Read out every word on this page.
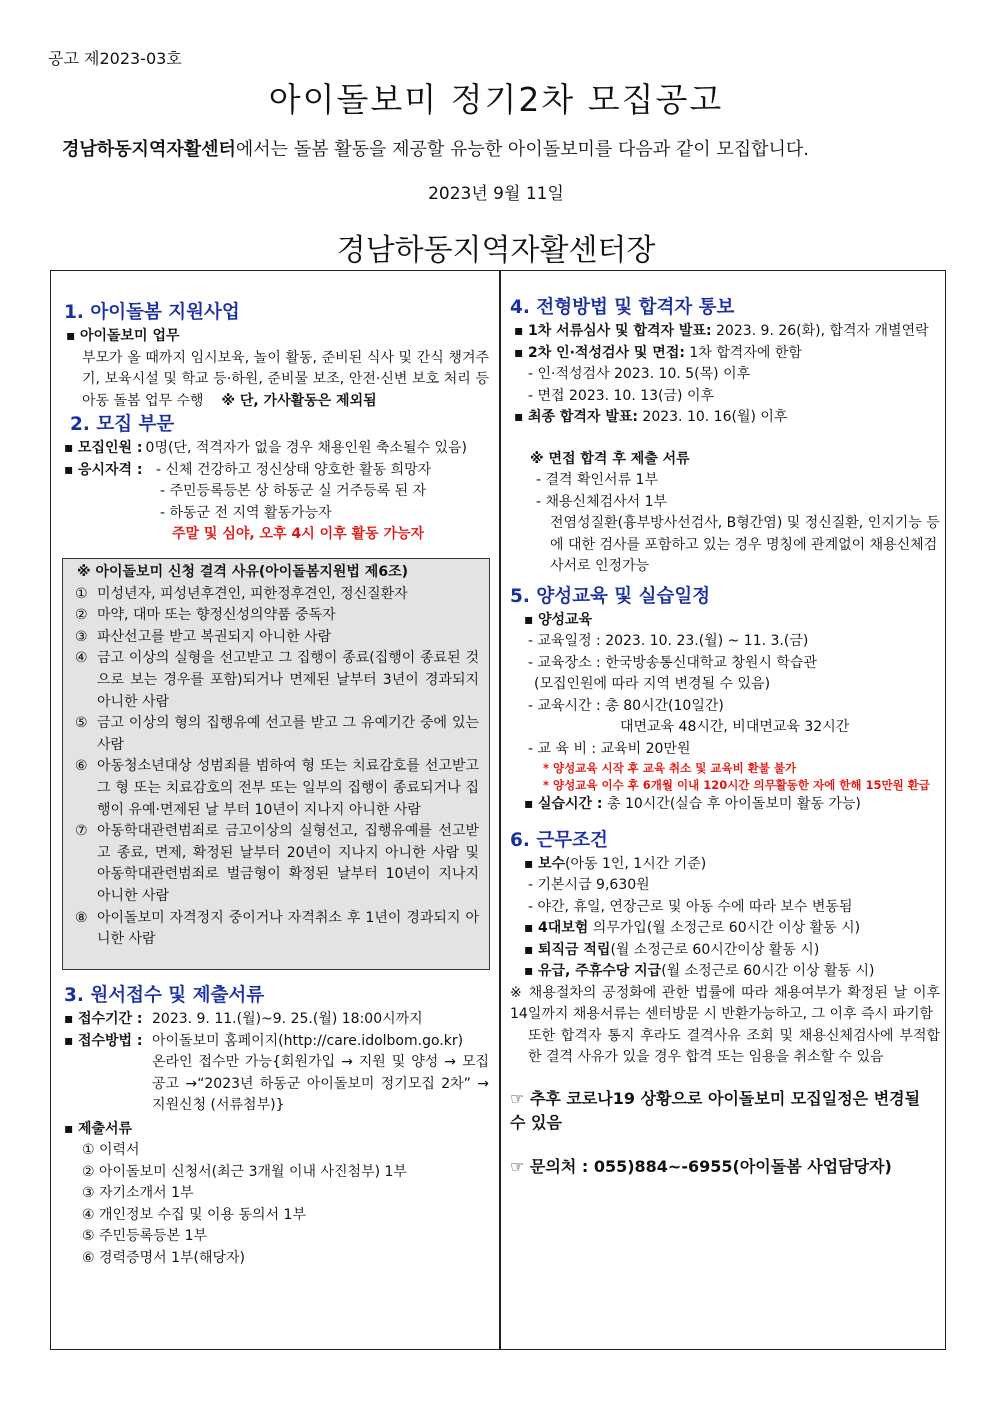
공고 제2023-03호
아이돌보미 정기2차 모집공고
경남하동지역자활센터에서는 돌봄 활동을 제공할 유능한 아이돌보미를 다음과 같이 모집합니다.
2023년 9월 11일
경남하동지역자활센터장

1. 아이돌봄 지원사업

▪ 아이돌보미 업무

부모가 올 때까지 임시보육, 놀이 활동, 준비된 식사 및 간식 챙겨주기, 보육시설 및 학교 등·하원, 준비물 보조, 안전·신변 보호 처리 등 아동 돌봄 업무 수행 ※ 단, 가사활동은 제외됨

2. 모집 부문

▪ 모집인원 : 0명(단, 적격자가 없을 경우 채용인원 축소될수 있음)
▪ 응시자격 : - 신체 건강하고 정신상태 양호한 활동 희망자

- 주민등록등본 상 하동군 실 거주등록 된 자

- 하동군 전 지역 활동가능자

주말 및 심야, 오후 4시 이후 활동 가능자

※ 아이돌보미 신청 결격 사유(아이돌봄지원법 제6조)

① 미성년자, 피성년후견인, 피한정후견인, 정신질환자
② 마약, 대마 또는 향정신성의약품 중독자
③ 파산선고를 받고 복권되지 아니한 사람
④ 금고 이상의 실형을 선고받고 그 집행이 종료(집행이 종료된 것으로 보는 경우를 포함)되거나 면제된 날부터 3년이 경과되지 아니한 사람
⑤ 금고 이상의 형의 집행유예 선고를 받고 그 유예기간 중에 있는 사람
⑥ 아동청소년대상 성범죄를 범하여 형 또는 치료감호를 선고받고 그 형 또는 치료감호의 전부 또는 일부의 집행이 종료되거나 집행이 유예·면제된 날 부터 10년이 지나지 아니한 사람
⑦ 아동학대관련범죄로 금고이상의 실형선고, 집행유예를 선고받고 종료, 면제, 확정된 날부터 20년이 지나지 아니한 사람 및 아동학대관련범죄로 벌금형이 확정된 날부터 10년이 지나지 아니한 사람
⑧ 아이돌보미 자격정지 중이거나 자격취소 후 1년이 경과되지 아니한 사람

3. 원서접수 및 제출서류

▪ 접수기간 : 2023. 9. 11.(월)~9. 25.(월) 18:00시까지
▪ 접수방법 : 아이돌보미 홈페이지(http://care.idolbom.go.kr)

온라인 접수만 가능{회원가입 → 지원 및 양성 → 모집공고 →“2023년 하동군 아이돌보미 정기모집 2차” → 지원신청 (서류첨부)}

▪ 제출서류

① 이력서

② 아이돌보미 신청서(최근 3개월 이내 사진첨부) 1부

③ 자기소개서 1부

④ 개인정보 수집 및 이용 동의서 1부

⑤ 주민등록등본 1부

⑥ 경력증명서 1부(해당자)

4. 전형방법 및 합격자 통보

▪ 1차 서류심사 및 합격자 발표: 2023. 9. 26(화), 합격자 개별연락

▪ 2차 인·적성검사 및 면접: 1차 합격자에 한함

- 인·적성검사 2023. 10. 5(목) 이후

- 면접 2023. 10. 13(금) 이후

▪ 최종 합격자 발표: 2023. 10. 16(월) 이후

※ 면접 합격 후 제출 서류

- 결격 확인서류 1부

- 채용신체검사서 1부

전염성질환(흉부방사선검사, B형간염) 및 정신질환, 인지기능 등에 대한 검사를 포함하고 있는 경우 명칭에 관계없이 채용신체검사서로 인정가능

5. 양성교육 및 실습일정

▪ 양성교육

- 교육일정 : 2023. 10. 23.(월) ~ 11. 3.(금)

- 교육장소 : 한국방송통신대학교 창원시 학습관

(모집인원에 따라 지역 변경될 수 있음)

- 교육시간 : 총 80시간(10일간)

대면교육 48시간, 비대면교육 32시간

- 교 육 비 : 교육비 20만원

* 양성교육 시작 후 교육 취소 및 교육비 환불 불가

* 양성교육 이수 후 6개월 이내 120시간 의무활동한 자에 한해 15만원 환급

▪ 실습시간 : 총 10시간(실습 후 아이돌보미 활동 가능)

6. 근무조건

▪ 보수(아동 1인, 1시간 기준)

- 기본시급 9,630원

- 야간, 휴일, 연장근로 및 아동 수에 따라 보수 변동됨

▪ 4대보험 의무가입(월 소정근로 60시간 이상 활동 시)

▪ 퇴직금 적립(월 소정근로 60시간이상 활동 시)

▪ 유급, 주휴수당 지급(월 소정근로 60시간 이상 활동 시)

※ 채용절차의 공정화에 관한 법률에 따라 채용여부가 확정된 날 이후 14일까지 채용서류는 센터방문 시 반환가능하고, 그 이후 즉시 파기함

또한 합격자 통지 후라도 결격사유 조회 및 채용신체검사에 부적합한 결격 사유가 있을 경우 합격 또는 임용을 취소할 수 있음

☞ 추후 코로나19 상황으로 아이돌보미 모집일정은 변경될 수 있음

☞ 문의처 : 055)884~-6955(아이돌봄 사업담당자)
